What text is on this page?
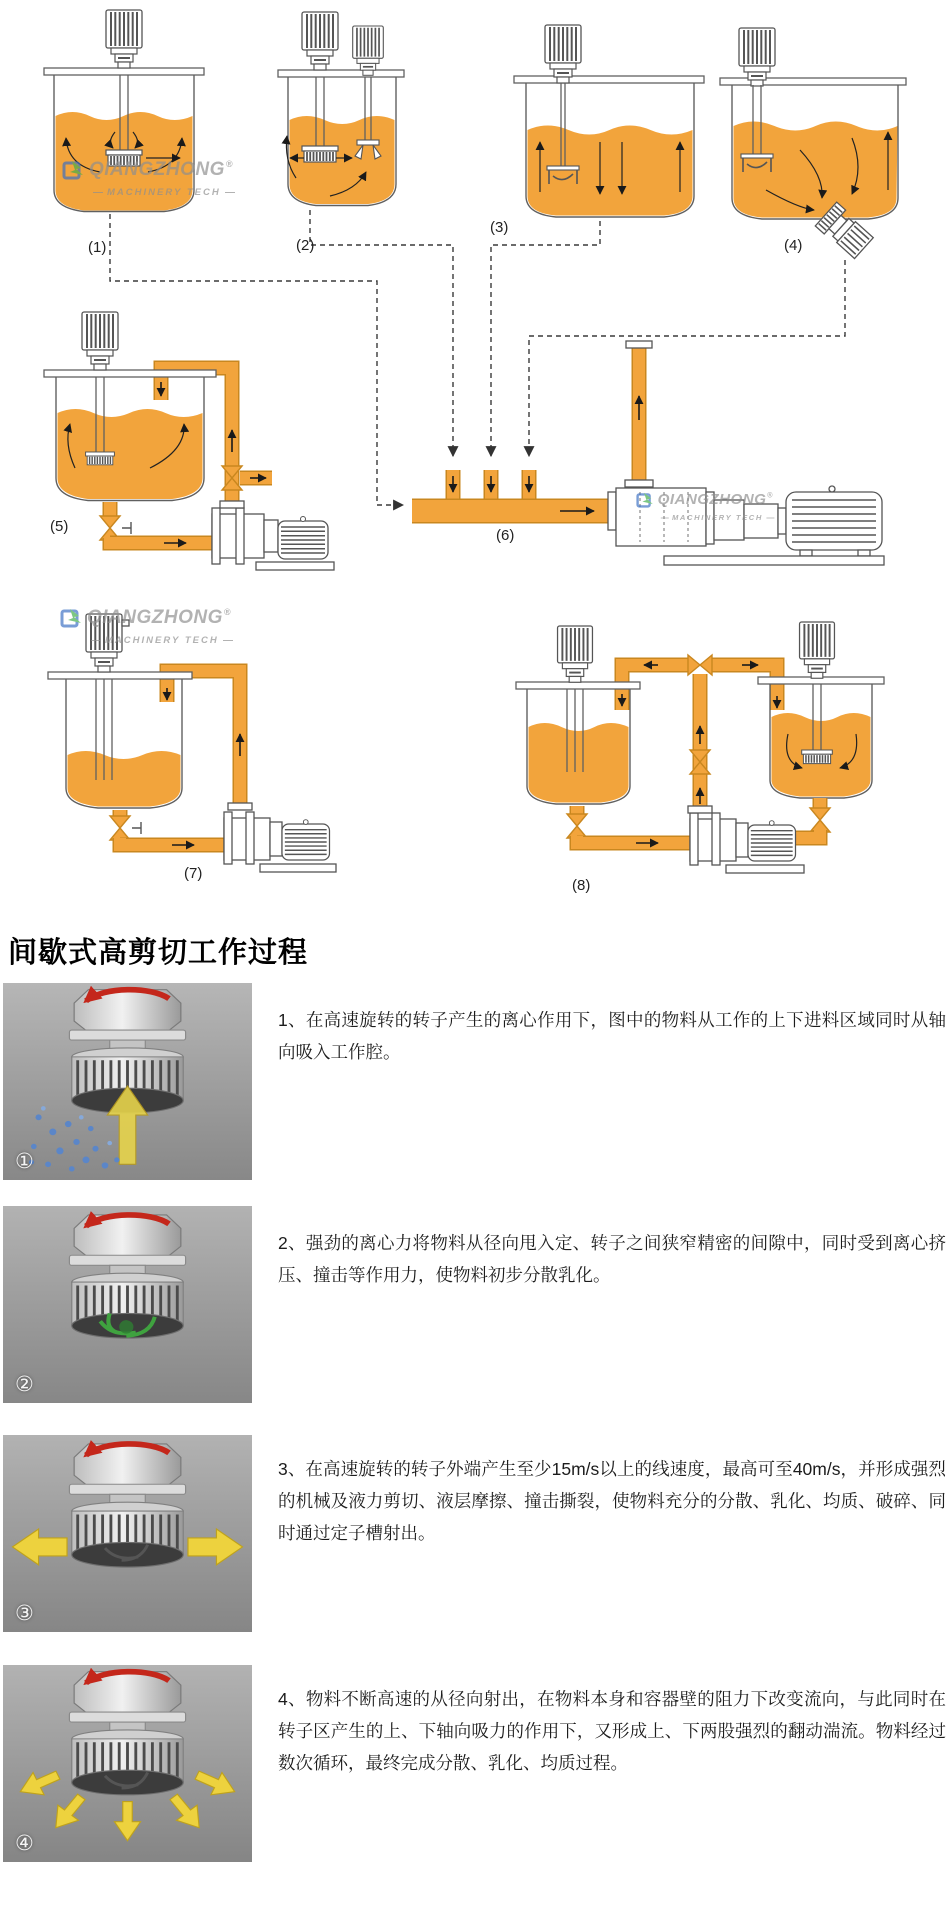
(1)	(2)
(3)
(4)
(5)
(6)
(7)
(8)
QIANGZHONG®
MACHINERY TECH
QIANGZHONG®
MACHINERY TECH
QIANGZHONG®
MACHINERY TECH
间歇式高剪切工作过程
①
1、在高速旋转的转子产生的离心作用下，图中的物料从工作的上下进料区域同时从轴向吸入工作腔。
②
2、强劲的离心力将物料从径向甩入定、转子之间狭窄精密的间隙中，同时受到离心挤压、撞击等作用力，使物料初步分散乳化。
③
3、在高速旋转的转子外端产生至少15m/s以上的线速度，最高可至40m/s，并形成强烈的机械及液力剪切、液层摩擦、撞击撕裂，使物料充分的分散、乳化、均质、破碎、同时通过定子槽射出。
④
4、物料不断高速的从径向射出，在物料本身和容器壁的阻力下改变流向，与此同时在转子区产生的上、下轴向吸力的作用下，又形成上、下两股强烈的翻动湍流。物料经过数次循环，最终完成分散、乳化、均质过程。
